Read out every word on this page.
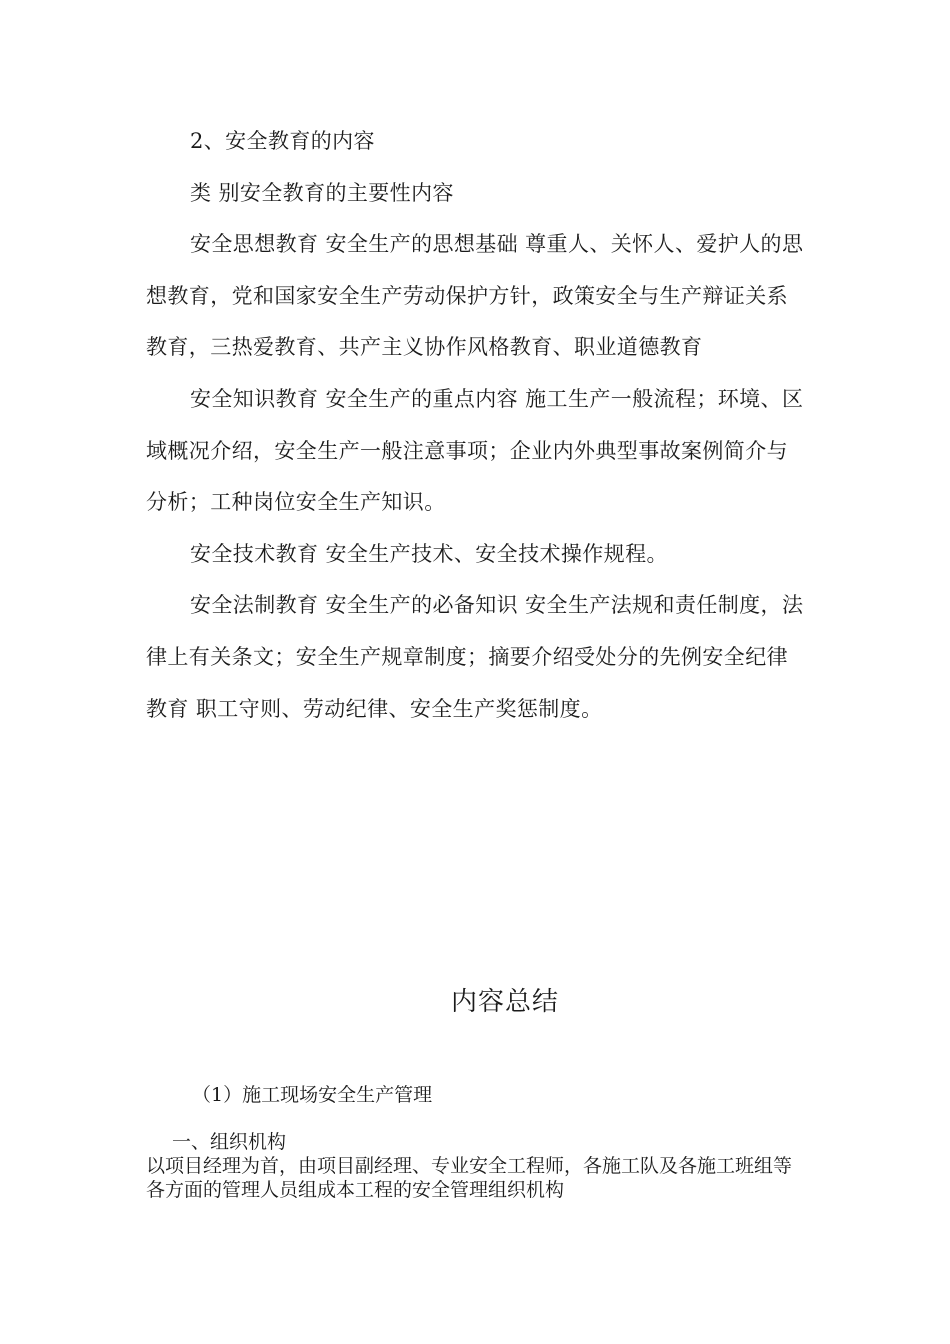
2、安全教育的内容

类 别安全教育的主要性内容

安全思想教育 安全生产的思想基础 尊重人、关怀人、爱护人的思想教育，党和国家安全生产劳动保护方针，政策安全与生产辩证关系教育，三热爱教育、共产主义协作风格教育、职业道德教育

安全知识教育 安全生产的重点内容 施工生产一般流程；环境、区域概况介绍，安全生产一般注意事项；企业内外典型事故案例简介与分析；工种岗位安全生产知识。

安全技术教育 安全生产技术、安全技术操作规程。

安全法制教育 安全生产的必备知识 安全生产法规和责任制度，法律上有关条文；安全生产规章制度；摘要介绍受处分的先例安全纪律教育 职工守则、劳动纪律、安全生产奖惩制度。

内容总结
（1）施工现场安全生产管理
一、组织机构
以项目经理为首，由项目副经理、专业安全工程师，各施工队及各施工班组等各方面的管理人员组成本工程的安全管理组织机构
